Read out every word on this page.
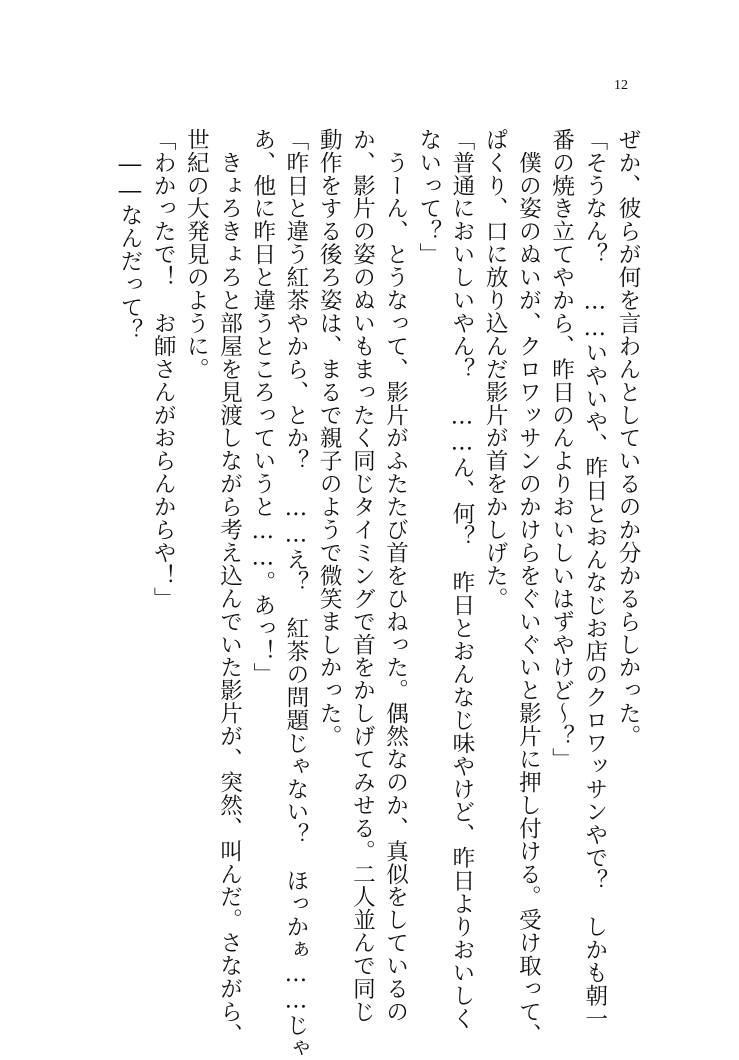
12
ぜか、彼らが何を言わんとしているのか分かるらしかった。
「そうなん？　……いやいや、昨日とおんなじお店のクロワッサンやで？　しかも朝一
番の焼き立てやから、昨日のんよりおいしいはずやけど～？」
　僕の姿のぬいが、クロワッサンのかけらをぐいぐいと影片に押し付ける。受け取って、
ぱくり、口に放り込んだ影片が首をかしげた。
「普通においしいやん？　……ん、何？　昨日とおんなじ味やけど、昨日よりおいしく
ないって？」
　うーん、とうなって、影片がふたたび首をひねった。偶然なのか、真似をしているの
か、影片の姿のぬいもまったく同じタイミングで首をかしげてみせる。二人並んで同じ
動作をする後ろ姿は、まるで親子のようで微笑ましかった。
「昨日と違う紅茶やから、とか？　……え？　紅茶の問題じゃない？　ほっかぁ……じゃ
あ、他に昨日と違うところっていうと……。あっ！」
　きょろきょろと部屋を見渡しながら考え込んでいた影片が、突然、叫んだ。さながら、
世紀の大発見のように。
「わかったで！　お師さんがおらんからや！」
　――なんだって？
